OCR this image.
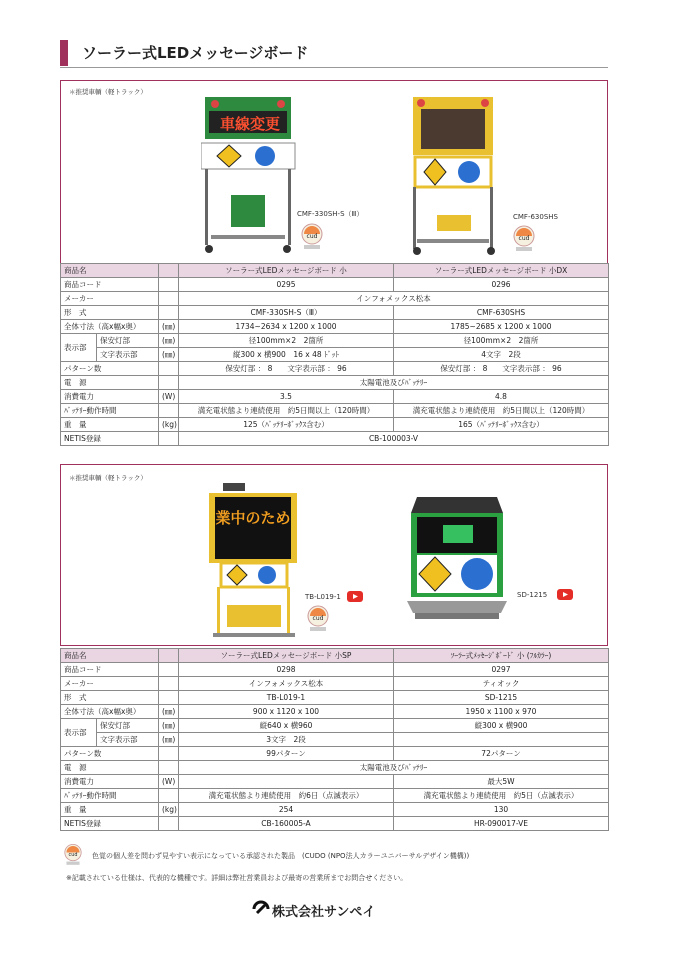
ソーラー式LEDメッセージボード
＊推奨車輌（軽トラック）
車線変更
CMF-330SH-S（Ⅲ）
cud
CMF-630SHS
cud
商品名			ソーラー式LEDメッセージボード 小	ソーラー式LEDメッセージボード 小DX
商品コード			0295	0296
メーカー			インフォメックス松本	
形　式			CMF-330SH-S（Ⅲ）	CMF-630SHS
全体寸法（高x幅x奥）		(㎜)	1734~2634 x 1200 x 1000	1785~2685 x 1200 x 1000
表示部	保安灯部	(㎜)	径100mm×2　2箇所	径100mm×2　2箇所
	文字表示部	(㎜)	縦300 x 横900　16 x 48 ﾄﾞｯﾄ	4文字　2段
パターン数			保安灯部 ： 8　　文字表示部 ： 96	保安灯部 ： 8　　文字表示部 ： 96
電　源			太陽電池及びﾊﾞｯﾃﾘｰ	
消費電力		(W)	3.5	4.8
ﾊﾞｯﾃﾘｰ動作時間			満充電状態より連続使用　約5日間以上（120時間）	満充電状態より連続使用　約5日間以上（120時間）
重　量		(kg)	125（ﾊﾞｯﾃﾘｰﾎﾞｯｸｽ含む）	165（ﾊﾞｯﾃﾘｰﾎﾞｯｸｽ含む）
NETIS登録			CB-100003-V	
＊推奨車輌（軽トラック）
業中のため
TB-L019-1
cud
SD-1215
商品名			ソーラー式LEDメッセージボード 小SP	ｿｰﾗｰ式ﾒｯｾｰｼﾞﾎﾞｰﾄﾞ 小 (ﾌﾙｶﾗｰ)
商品コード			0298	0297
メーカー			インフォメックス松本	ティオック
形　式			TB-L019-1	SD-1215
全体寸法（高x幅x奥）		(㎜)	900 x 1120 x 100	1950 x 1100 x 970
表示部	保安灯部	(㎜)	縦640 x 横960	縦300 x 横900
	文字表示部	(㎜)	3文字　2段	
パターン数			99パターン	72パターン
電　源			太陽電池及びﾊﾞｯﾃﾘｰ	
消費電力		(W)		最大5W
ﾊﾞｯﾃﾘｰ動作時間			満充電状態より連続使用　約6日（点滅表示）	満充電状態より連続使用　約5日（点滅表示）
重　量		(kg)	254	130
NETIS登録			CB-160005-A	HR-090017-VE
cud 色覚の個人差を問わず見やすい表示になっている承認された製品　(CUDO (NPO法人カラーユニバーサルデザイン機構))
※記載されている仕様は、代表的な機種です。詳細は弊社営業員および最寄の営業所までお問合せください。
株式会社サンペイ
